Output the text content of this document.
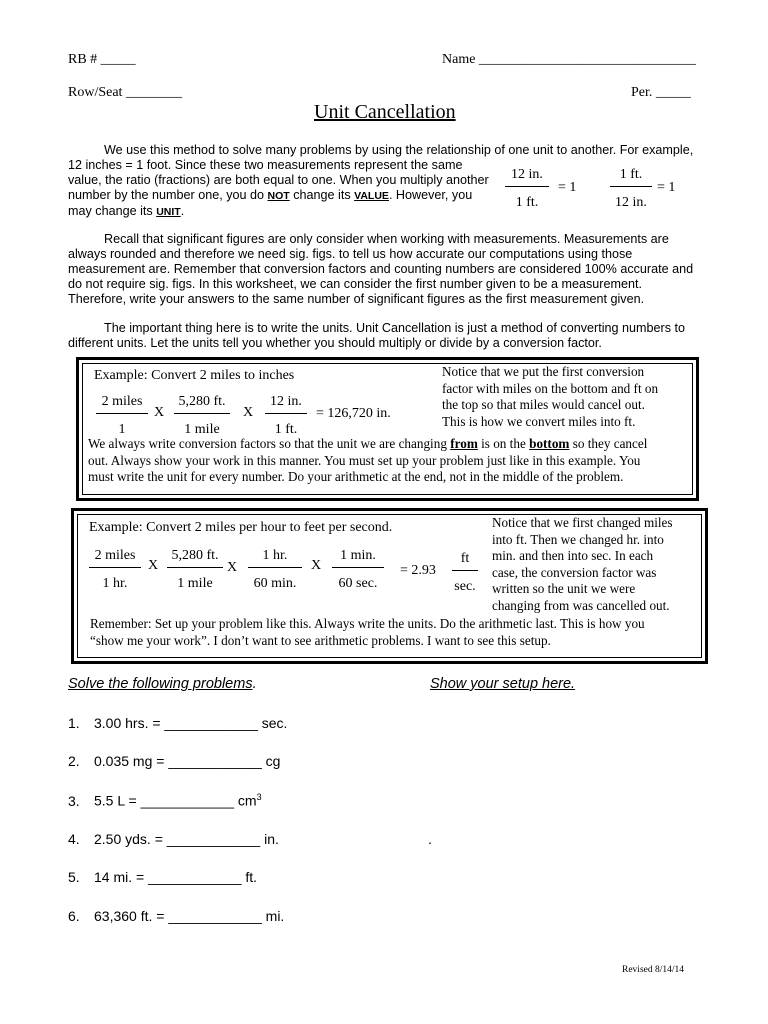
RB # _____	Name _______________________________
Row/Seat ________	Per. _____
Unit Cancellation
We use this method to solve many problems by using the relationship of one unit to another. For example,
12 inches = 1 foot. Since these two measurements represent the same
value, the ratio (fractions) are both equal to one. When you multiply another
number by the number one, you do NOT change its VALUE. However, you
may change its UNIT.	$\frac{12 in.}{1 ft.} = 1 \frac{1 ft.}{12 in.} = 1$
Recall that significant figures are only consider when working with measurements. Measurements are
always rounded and therefore we need sig. figs. to tell us how accurate our computations using those
measurement are. Remember that conversion factors and counting numbers are considered 100% accurate and
do not require sig. figs. In this worksheet, we can consider the first number given to be a measurement.
Therefore, write your answers to the same number of significant figures as the first measurement given.
The important thing here is to write the units. Unit Cancellation is just a method of converting numbers to
different units. Let the units tell you whether you should multiply or divide by a conversion factor.
Example: Convert 2 miles to inches
2 miles
1
X
5,280 ft.
1 mile
X $\frac{12 in.}{1 ft.} = 126,720$ in.
Notice that we put the first conversion
factor with miles on the bottom and ft on
the top so that miles would cancel out.
This is how we convert miles into ft.
We always write conversion factors so that the unit we are changing from is on the bottom so they cancel
out. Always show your work in this manner. You must set up your problem just like in this example. You
must write the unit for every number. Do your arithmetic at the end, not in the middle of the problem.
Example: Convert 2 miles per hour to feet per second.
2 miles
1 hr.
X
5,280 ft.
1 mile
X
1 hr.
60 min.
X
1 min.
60 sec.
= 2.93
ft
sec.
Notice that we first changed miles
into ft. Then we changed hr. into
min. and then into sec. In each
case, the conversion factor was
written so the unit we were
changing from was cancelled out.
Remember: Set up your problem like this. Always write the units. Do the arithmetic last. This is how you
“show me your work”. I don’t want to see arithmetic problems. I want to see this setup.
Solve the following problems.	Show your setup here.
1. 3.00 hrs. = ____________ sec.
2. 0.035 mg = ____________ cg
3. 5.5 L = ____________ $cm^3$
4. 2.50 yds. = ____________ in.	.
5. 14 mi. = ____________ ft.
6. 63,360 ft. = ____________ mi.
Revised 8/14/14
